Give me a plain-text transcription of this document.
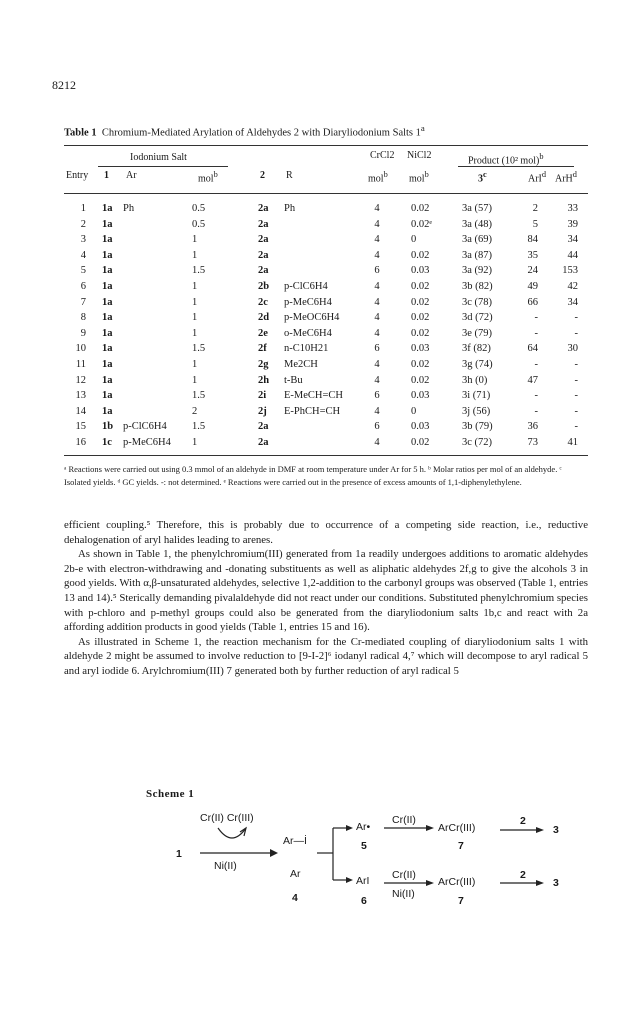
8212
Table 1 Chromium-Mediated Arylation of Aldehydes 2 with Diaryliodonium Salts 1$^a$
Iodonium Salt	CrCl2 NiCl2	Product (10² mol)$^b$
Entry 1 Ar	mol$^b$	2 R	mol$^b$ mol$^b$	3$^c$	ArI$^d$ ArH$^d$
1 1a Ph	0.5	2a Ph	4	0.02	3a (57)	2	33
2 1a	0.5	2a	4	0.02ᵉ	3a (48)	5	39
3 1a	1	2a	4	0	3a (69)	84	34
4 1a	1	2a	4	0.02	3a (87)	35	44
5 1a	1.5	2a	6	0.03	3a (92)	24	153
6 1a	1	2b p-ClC6H4	4	0.02	3b (82)	49	42
7 1a	1	2c p-MeC6H4	4	0.02	3c (78)	66	34
8 1a	1	2d p-MeOC6H4	4	0.02	3d (72)	-	-
9 1a	1	2e o-MeC6H4	4	0.02	3e (79)	-	-
10 1a	1.5	2f n-C10H21	6	0.03	3f (82)	64	30
11 1a	1	2g Me2CH	4	0.02	3g (74)	-	-
12 1a	1	2h t-Bu	4	0.02	3h (0)	47	-
13 1a	1.5	2i E-MeCH=CH	6	0.03	3i (71)	-	-
14 1a	2	2j E-PhCH=CH	4	0	3j (56)	-	-
15 1b p-ClC6H4 1.5	2a	6	0.03	3b (79)	36	-
16 1c p-MeC6H4 1	2a	4	0.02	3c (72)	73	41
ᵃ Reactions were carried out using 0.3 mmol of an aldehyde in DMF at room temperature under Ar for 5 h. ᵇ Molar ratios per mol of an aldehyde. ᶜ Isolated yields. ᵈ GC yields. -: not determined. ᵉ Reactions were carried out in the presence of excess amounts of 1,1-diphenylethylene.

efficient coupling.⁵ Therefore, this is probably due to occurrence of a competing side reaction, i.e., reductive dehalogenation of aryl halides leading to arenes.

As shown in Table 1, the phenylchromium(III) generated from 1a readily undergoes additions to aromatic aldehydes 2b-e with electron-withdrawing and -donating substituents as well as aliphatic aldehydes 2f,g to give the alcohols 3 in good yields. With α,β-unsaturated aldehydes, selective 1,2-addition to the carbonyl groups was observed (Table 1, entries 13 and 14).⁵ Sterically demanding pivalaldehyde did not react under our conditions. Substituted phenylchromium species with p-chloro and p-methyl groups could also be generated from the diaryliodonium salts 1b,c and react with 2a affording addition products in good yields (Table 1, entries 15 and 16).

As illustrated in Scheme 1, the reaction mechanism for the Cr-mediated coupling of diaryliodonium salts 1 with aldehyde 2 might be assumed to involve reduction to [9-I-2]⁶ iodanyl radical 4,⁷ which will decompose to aryl radical 5 and aryl iodide 6. Arylchromium(III) 7 generated both by further reduction of aryl radical 5

Scheme 1
Cr(II) Cr(III)
Ni(II)
1
Ar—İ
Ar
4
Ar•
5
ArI
6
Cr(II)
Cr(II)
Ni(II)
ArCr(III)
7
ArCr(III)
7
2
2
3
3
